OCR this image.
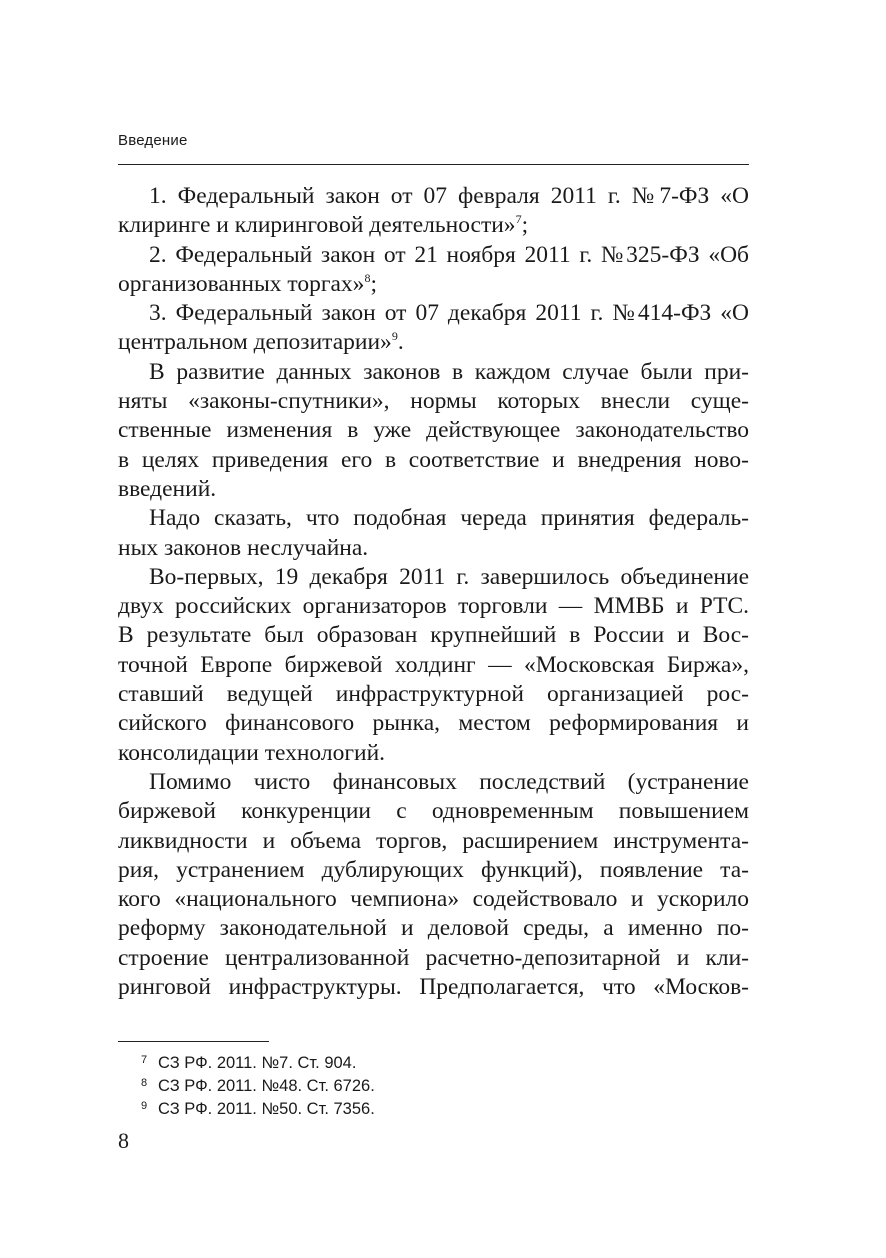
Введение
1. Федеральный закон от 07 февраля 2011 г. №7-ФЗ «О
клиринге и клиринговой деятельности»$^7$;
2. Федеральный закон от 21 ноября 2011 г. №325-ФЗ «Об
организованных торгах»$^8$;
3. Федеральный закон от 07 декабря 2011 г. №414-ФЗ «О
центральном депозитарии»$^9$.
В развитие данных законов в каждом случае были при-
няты «законы-спутники», нормы которых внесли суще-
ственные изменения в уже действующее законодательство
в целях приведения его в соответствие и внедрения ново-
введений.
Надо сказать, что подобная череда принятия федераль-
ных законов неслучайна.
Во-первых, 19 декабря 2011 г. завершилось объединение
двух российских организаторов торговли — ММВБ и РТС.
В результате был образован крупнейший в России и Вос-
точной Европе биржевой холдинг — «Московская Биржа»,
ставший ведущей инфраструктурной организацией рос-
сийского финансового рынка, местом реформирования и
консолидации технологий.
Помимо чисто финансовых последствий (устранение
биржевой конкуренции с одновременным повышением
ликвидности и объема торгов, расширением инструмента-
рия, устранением дублирующих функций), появление та-
кого «национального чемпиона» содействовало и ускорило
реформу законодательной и деловой среды, а именно по-
строение централизованной расчетно-депозитарной и кли-
ринговой инфраструктуры. Предполагается, что «Москов-
7 СЗ РФ. 2011. №7. Ст. 904.
8 СЗ РФ. 2011. №48. Ст. 6726.
9 СЗ РФ. 2011. №50. Ст. 7356.
8
